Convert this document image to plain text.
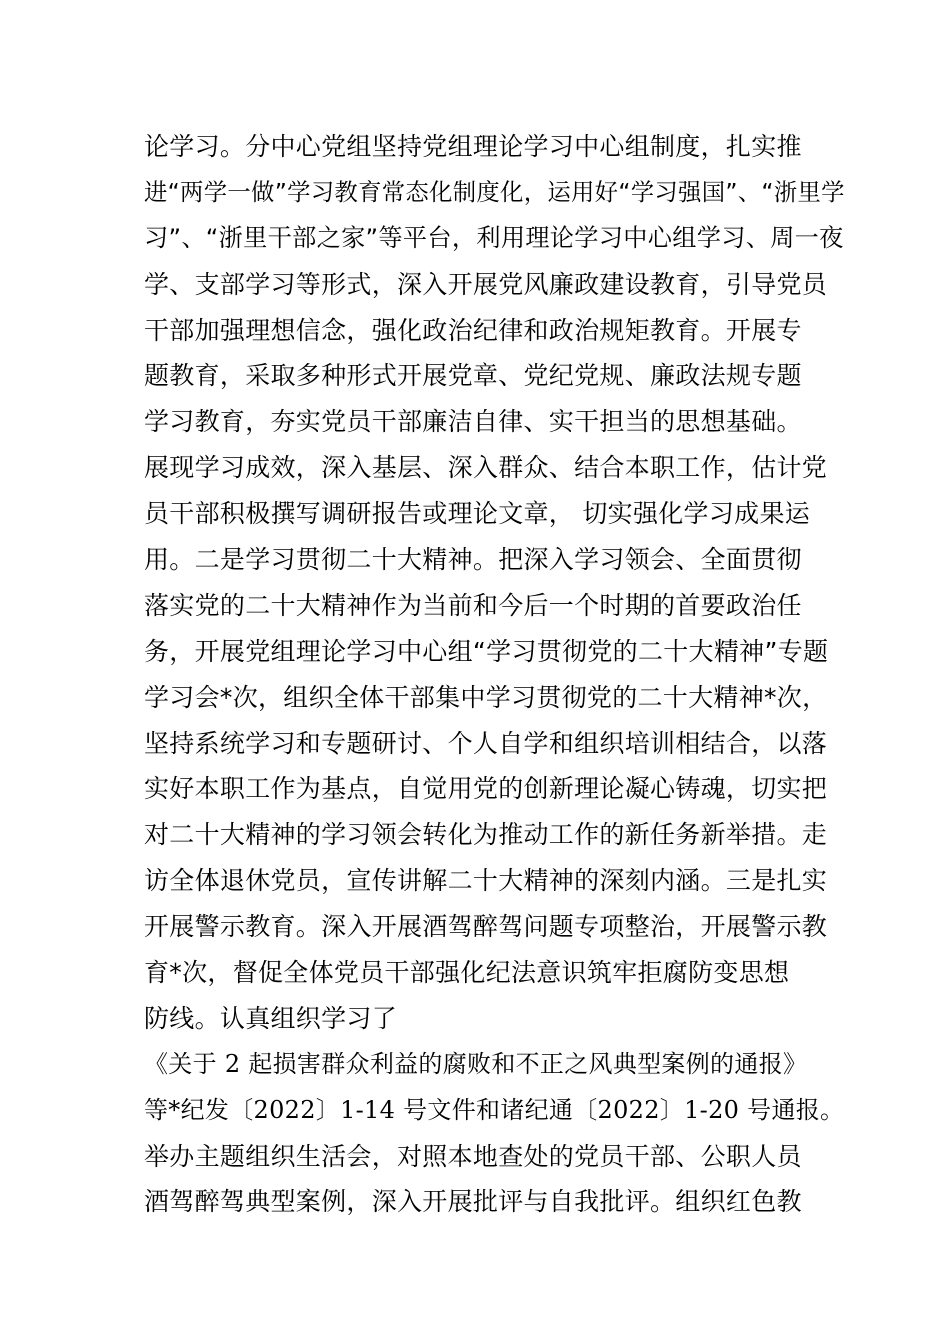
论学习。分中心党组坚持党组理论学习中心组制度，扎实推
进“两学一做”学习教育常态化制度化，运用好“学习强国”、“浙里学
习”、“浙里干部之家”等平台，利用理论学习中心组学习、周一夜
学、支部学习等形式，深入开展党风廉政建设教育，引导党员
干部加强理想信念，强化政治纪律和政治规矩教育。开展专
题教育，采取多种形式开展党章、党纪党规、廉政法规专题
学习教育，夯实党员干部廉洁自律、实干担当的思想基础。
展现学习成效，深入基层、深入群众、结合本职工作，估计党
员干部积极撰写调研报告或理论文章， 切实强化学习成果运
用。二是学习贯彻二十大精神。把深入学习领会、全面贯彻
落实党的二十大精神作为当前和今后一个时期的首要政治任
务，开展党组理论学习中心组“学习贯彻党的二十大精神”专题
学习会*次，组织全体干部集中学习贯彻党的二十大精神*次，
坚持系统学习和专题研讨、个人自学和组织培训相结合，以落
实好本职工作为基点，自觉用党的创新理论凝心铸魂，切实把
对二十大精神的学习领会转化为推动工作的新任务新举措。走
访全体退休党员，宣传讲解二十大精神的深刻内涵。三是扎实
开展警示教育。深入开展酒驾醉驾问题专项整治，开展警示教
育*次，督促全体党员干部强化纪法意识筑牢拒腐防变思想
防线。认真组织学习了
《关于 2 起损害群众利益的腐败和不正之风典型案例的通报》
等*纪发〔2022〕1-14 号文件和诸纪通〔2022〕1-20 号通报。
举办主题组织生活会，对照本地查处的党员干部、公职人员
酒驾醉驾典型案例，深入开展批评与自我批评。组织红色教
